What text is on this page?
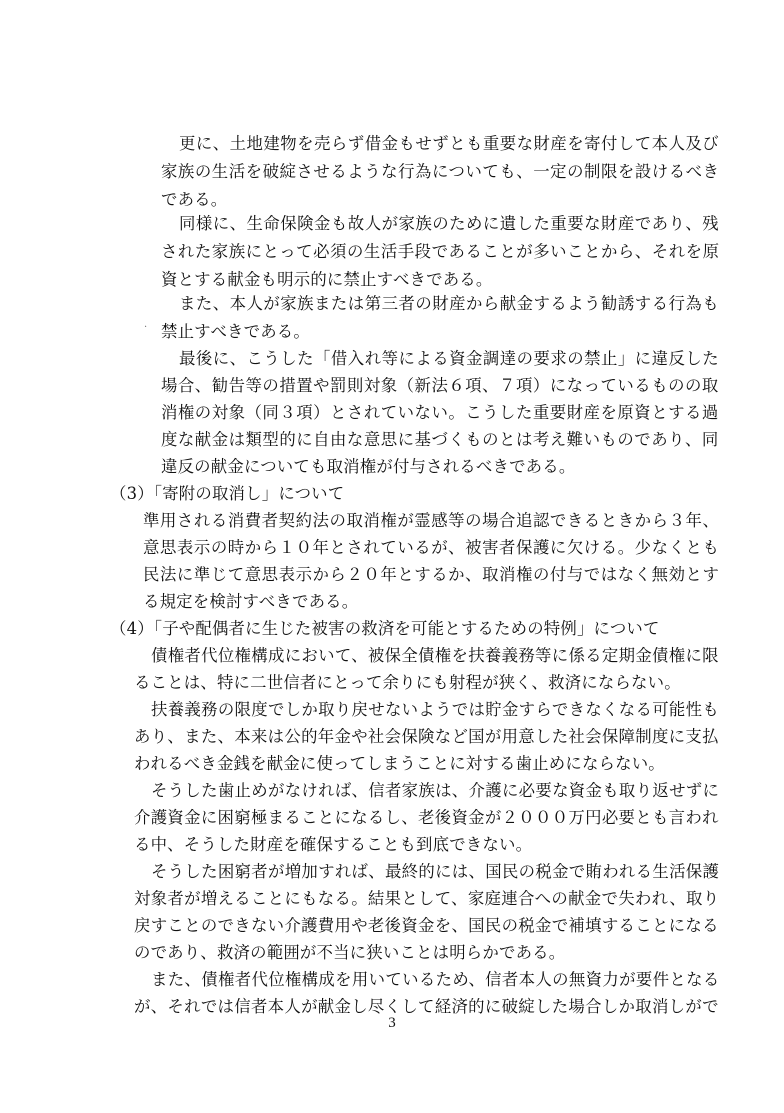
更に、土地建物を売らず借金もせずとも重要な財産を寄付して本人及び
家族の生活を破綻させるような行為についても、一定の制限を設けるべき
である。
同様に、生命保険金も故人が家族のために遺した重要な財産であり、残
された家族にとって必須の生活手段であることが多いことから、それを原
資とする献金も明示的に禁止すべきである。
また、本人が家族または第三者の財産から献金するよう勧誘する行為も
· 禁止すべきである。
最後に、こうした「借入れ等による資金調達の要求の禁止」に違反した
場合、勧告等の措置や罰則対象（新法６項、７項）になっているものの取
消権の対象（同３項）とされていない。こうした重要財産を原資とする過
度な献金は類型的に自由な意思に基づくものとは考え難いものであり、同
違反の献金についても取消権が付与されるべきである。
（3）「寄附の取消し」について
準用される消費者契約法の取消権が霊感等の場合追認できるときから３年、
意思表示の時から１０年とされているが、被害者保護に欠ける。少なくとも
民法に準じて意思表示から２０年とするか、取消権の付与ではなく無効とす
る規定を検討すべきである。
（4）「子や配偶者に生じた被害の救済を可能とするための特例」について
債権者代位権構成において、被保全債権を扶養義務等に係る定期金債権に限
ることは、特に二世信者にとって余りにも射程が狭く、救済にならない。
扶養義務の限度でしか取り戻せないようでは貯金すらできなくなる可能性も
あり、また、本来は公的年金や社会保険など国が用意した社会保障制度に支払
われるべき金銭を献金に使ってしまうことに対する歯止めにならない。
そうした歯止めがなければ、信者家族は、介護に必要な資金も取り返せずに
介護資金に困窮極まることになるし、老後資金が２０００万円必要とも言われ
る中、そうした財産を確保することも到底できない。
そうした困窮者が増加すれば、最終的には、国民の税金で賄われる生活保護
対象者が増えることにもなる。結果として、家庭連合への献金で失われ、取り
戻すことのできない介護費用や老後資金を、国民の税金で補填することになる
のであり、救済の範囲が不当に狭いことは明らかである。
また、債権者代位権構成を用いているため、信者本人の無資力が要件となる
が、それでは信者本人が献金し尽くして経済的に破綻した場合しか取消しがで
3
